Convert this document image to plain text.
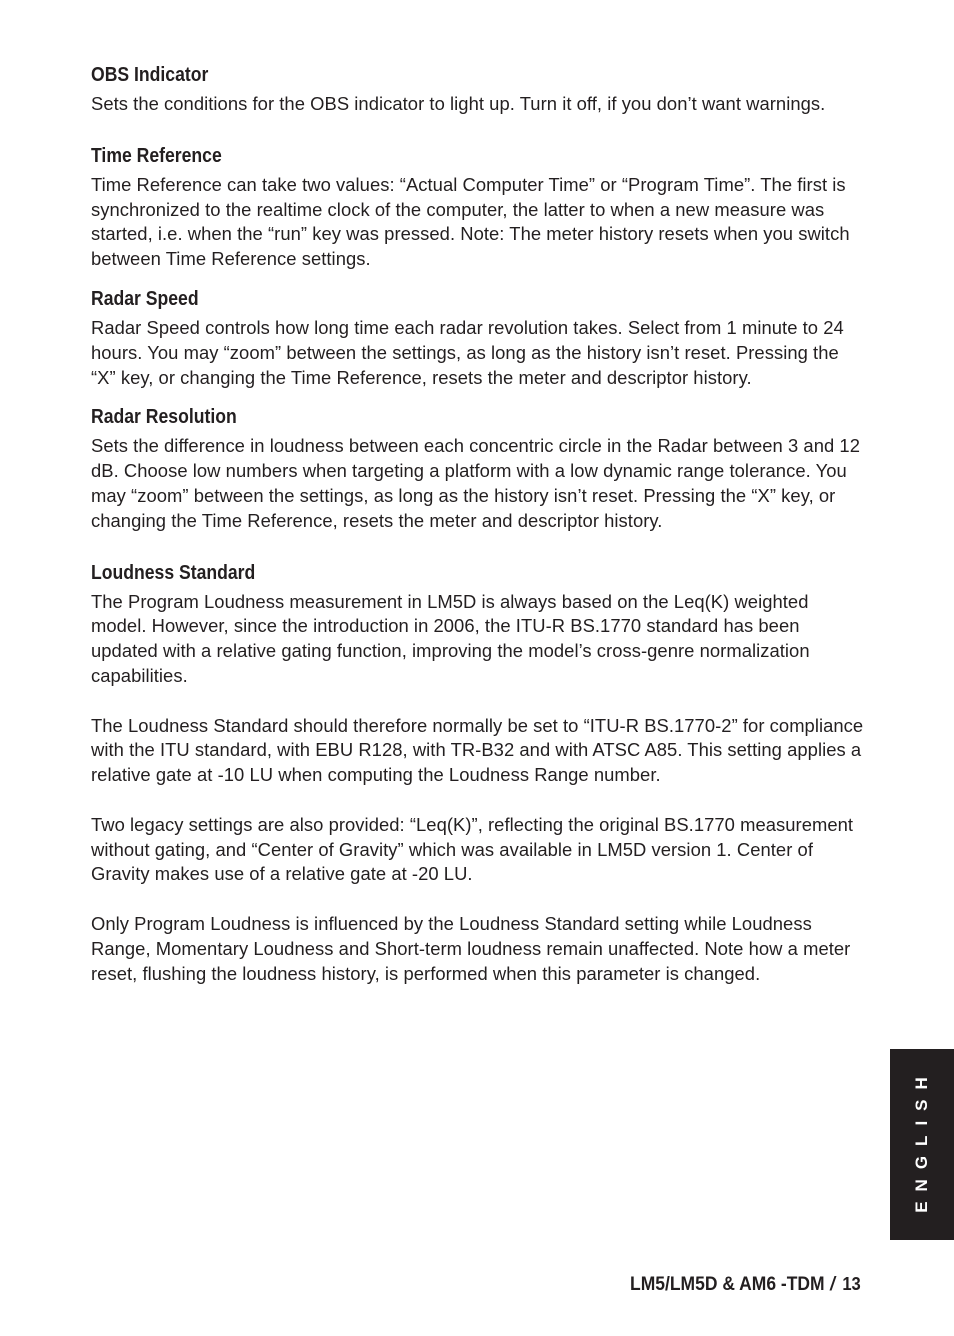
OBS Indicator

Sets the conditions for the OBS indicator to light up. Turn it off, if you don’t want warnings.

Time Reference

Time Reference can take two values: “Actual Computer Time” or “Program Time”. The first is synchronized to the realtime clock of the computer, the latter to when a new measure was started, i.e. when the “run” key was pressed. Note: The meter history resets when you switch between Time Reference settings.

Radar Speed

Radar Speed controls how long time each radar revolution takes. Select from 1 minute to 24 hours. You may “zoom” between the settings, as long as the history isn’t reset. Pressing the “X” key, or changing the Time Reference, resets the meter and descriptor history.

Radar Resolution

Sets the difference in loudness between each concentric circle in the Radar between 3 and 12 dB. Choose low numbers when targeting a platform with a low dynamic range tolerance. You may “zoom” between the settings, as long as the history isn’t reset. Pressing the “X” key, or changing the Time Reference, resets the meter and descriptor history.

Loudness Standard

The Program Loudness measurement in LM5D is always based on the Leq(K) weighted model. However, since the introduction in 2006, the ITU-R BS.1770 standard has been updated with a relative gating function, improving the model’s cross-genre normalization capabilities.

The Loudness Standard should therefore normally be set to “ITU-R BS.1770-2” for compliance with the ITU standard, with EBU R128, with TR-B32 and with ATSC A85. This setting applies a relative gate at -10 LU when computing the Loudness Range number.

Two legacy settings are also provided: “Leq(K)”, reflecting the original BS.1770 measurement without gating, and “Center of Gravity” which was available in LM5D version 1. Center of Gravity makes use of a relative gate at -20 LU.

Only Program Loudness is influenced by the Loudness Standard setting while Loudness Range, Momentary Loudness and Short-term loudness remain unaffected. Note how a meter reset, flushing the loudness history, is performed when this parameter is changed.

ENGLISH
LM5/LM5D & AM6 -TDM / 13
